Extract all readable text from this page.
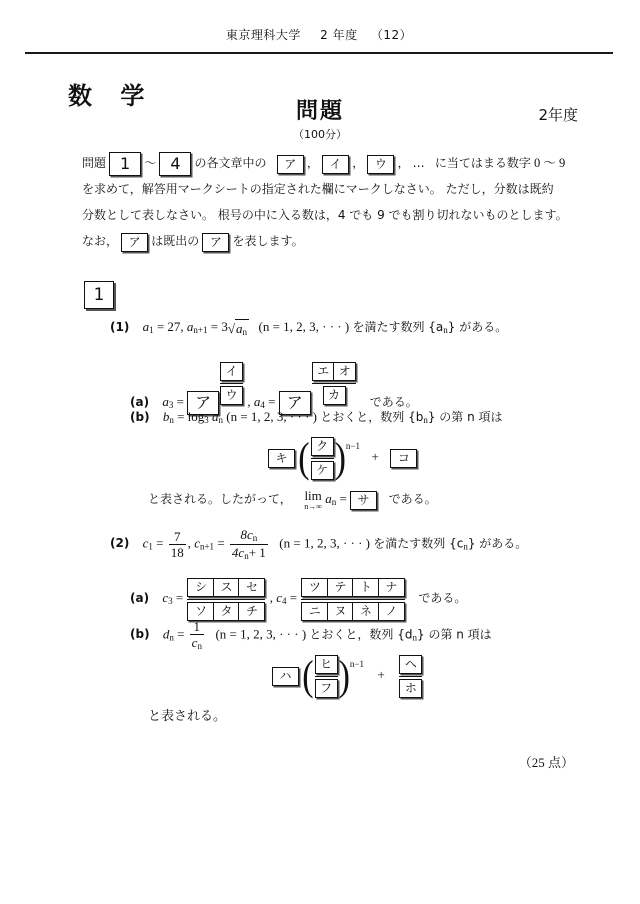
東京理科大学 2 年度 （12）
数 学
問題
（100分）
2年度
問題 1 ～ 4 の各文章中の ア ， イ ， ウ ， … に当てはまる数字 0 ～ 9
を求めて，解答用マークシートの指定された欄にマークしなさい。 ただし，分数は既約
分数として表しなさい。 根号の中に入る数は，4 でも 9 でも割り切れないものとします。
なお， ア は既出の ア を表します。
1
(1) $a_1 = 27$, $a_{n+1} = 3√a_n$ (n = 1, 2, 3, · · · ) を満たす数列 $\{a_n\}$ がある。
(a) $a_3$ = ア $\frac{\text{イ}}{\text{ウ}}$ , $a_4$ = ア $\frac{\text{エ オ}}{\text{カ}}$ である。
(b) $b_n = \log_3 a_n$ (n = 1, 2, 3, · · · ) とおくと，数列 $\{b_n\}$ の第 n 項は
キ ( $\frac{\text{ク}}{\text{ケ}} )^{n-1}$  + コ
と表される。したがって， lim
n→∞
$a_n$ = サ である。
(2) $c_1 = \frac{7}{18}$ , $c_{n+1} = \frac{8c_n}{4c_n+ 1} (n = 1$, 2, 3, · · · ) を満たす数列 $\{c_n\}$ がある。
(a) $c_3 = \frac{\text{シ ス セ}}{\text{ソ タ チ}}$ , $c_4 = \frac{\text{ツ テ ト ナ}}{\text{ニ ヌ ネ ノ}}$ である。
(b) $d_n = \frac{1}{c_n} (n = 1$, 2, 3, · · · ) とおくと，数列 $\{d_n\}$ の第 n 項は
ハ ( $\frac{\text{ヒ}}{\text{フ}} )^{n-1} + \frac{\text{ヘ}}{\text{ホ}}$
と表される。
（25 点）
